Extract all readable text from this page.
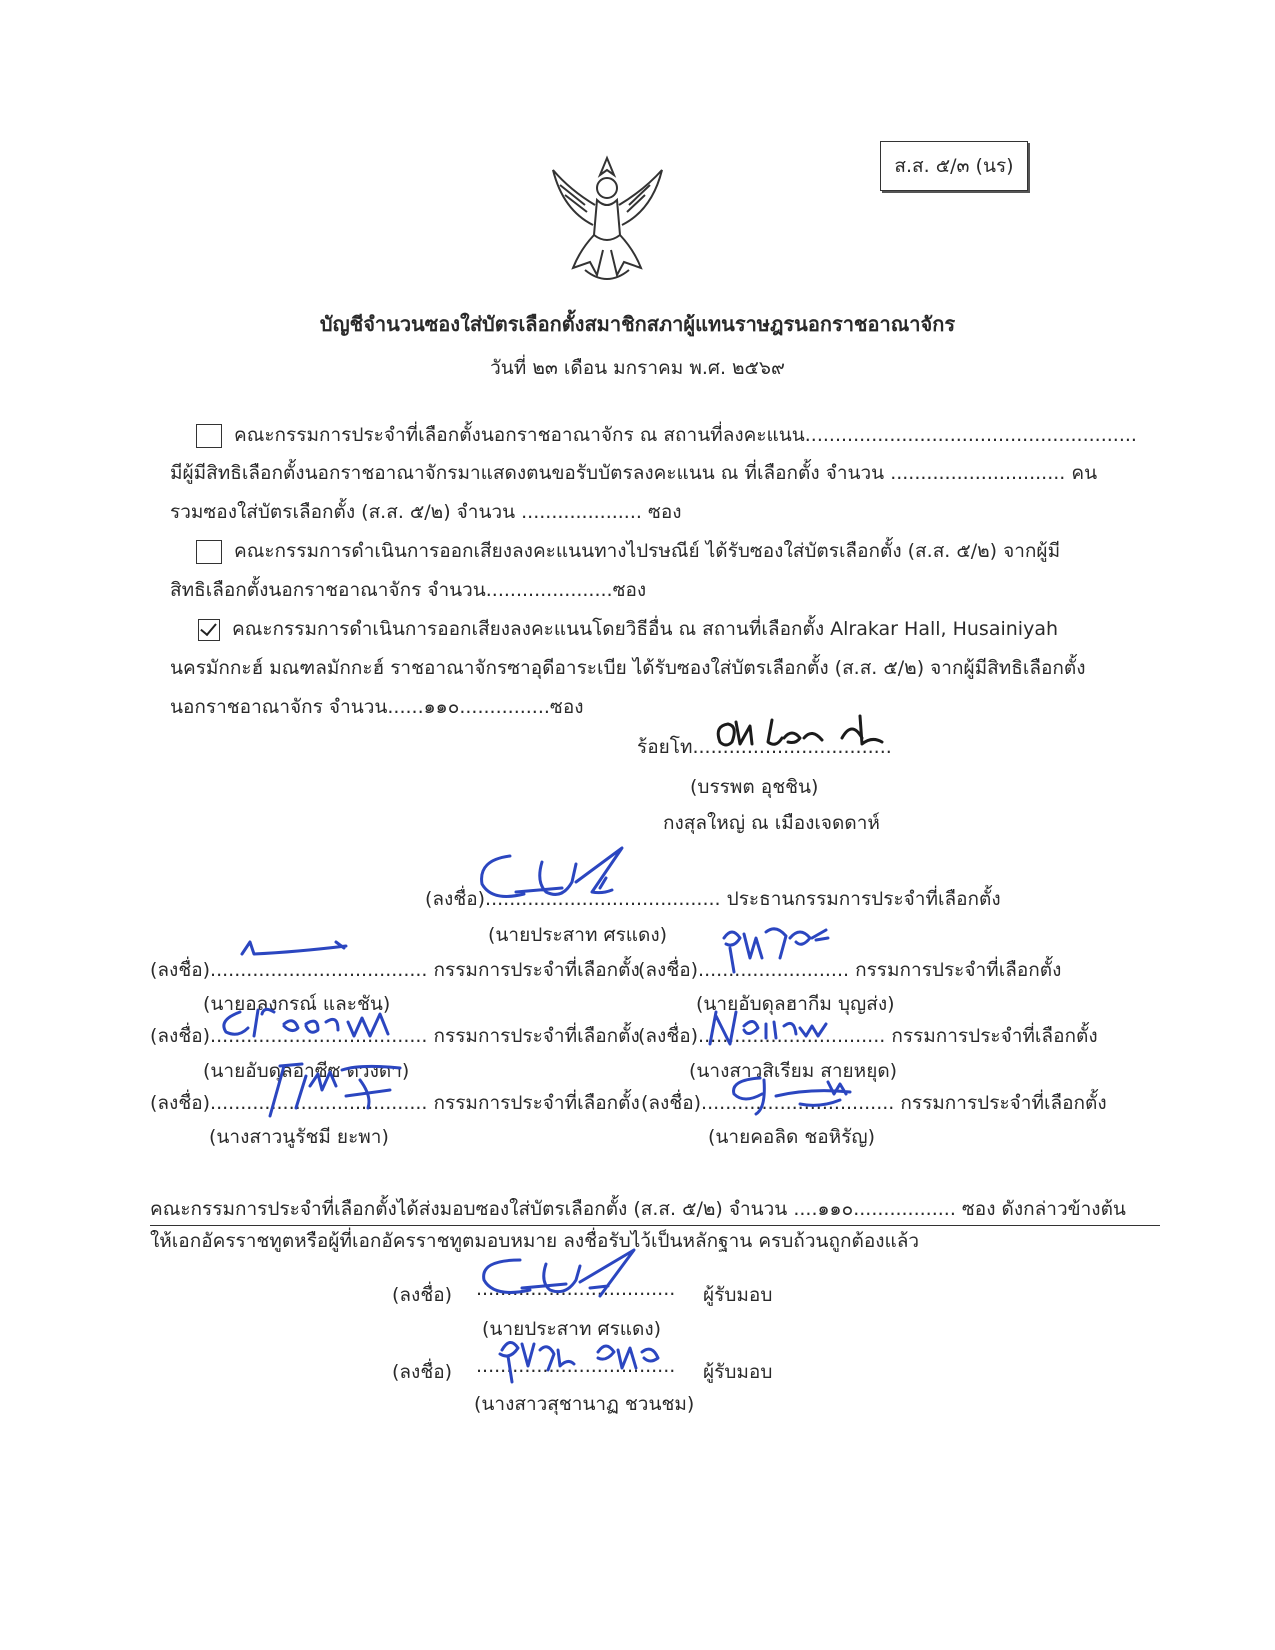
ส.ส. ๕/๓ (นร)
บัญชีจำนวนซองใส่บัตรเลือกตั้งสมาชิกสภาผู้แทนราษฎรนอกราชอาณาจักร
วันที่ ๒๓ เดือน มกราคม พ.ศ. ๒๕๖๙
คณะกรรมการประจำที่เลือกตั้งนอกราชอาณาจักร ณ สถานที่ลงคะแนน.......................................................
มีผู้มีสิทธิเลือกตั้งนอกราชอาณาจักรมาแสดงตนขอรับบัตรลงคะแนน ณ ที่เลือกตั้ง จำนวน ............................. คน
รวมซองใส่บัตรเลือกตั้ง (ส.ส. ๕/๒) จำนวน .................... ซอง
คณะกรรมการดำเนินการออกเสียงลงคะแนนทางไปรษณีย์ ได้รับซองใส่บัตรเลือกตั้ง (ส.ส. ๕/๒) จากผู้มี
สิทธิเลือกตั้งนอกราชอาณาจักร จำนวน.....................ซอง
คณะกรรมการดำเนินการออกเสียงลงคะแนนโดยวิธีอื่น ณ สถานที่เลือกตั้ง Alrakar Hall, Husainiyah
นครมักกะฮ์ มณฑลมักกะฮ์ ราชอาณาจักรซาอุดีอาระเบีย ได้รับซองใส่บัตรเลือกตั้ง (ส.ส. ๕/๒) จากผู้มีสิทธิเลือกตั้ง
นอกราชอาณาจักร จำนวน......๑๑๐...............ซอง
ร้อยโท.................................
(บรรพต อุชชิน)
กงสุลใหญ่ ณ เมืองเจดดาห์
(ลงชื่อ)....................................... ประธานกรรมการประจำที่เลือกตั้ง
(นายประสาท ศรแดง)
(ลงชื่อ).................................... กรรมการประจำที่เลือกตั้ง
(นายอลงกรณ์ และชัน)
(ลงชื่อ).................................... กรรมการประจำที่เลือกตั้ง
(นายอับดุลอาซีซ ดวงดา)
(ลงชื่อ).................................... กรรมการประจำที่เลือกตั้ง
(นางสาวนูรัชมี ยะพา)
(ลงชื่อ)......................... กรรมการประจำที่เลือกตั้ง
(นายอับดุลฮากีม บุญส่ง)
(ลงชื่อ)............................... กรรมการประจำที่เลือกตั้ง
(นางสาวสิเรียม สายหยุด)
(ลงชื่อ)................................ กรรมการประจำที่เลือกตั้ง
(นายคอลิด ชอหิรัญ)
คณะกรรมการประจำที่เลือกตั้งได้ส่งมอบซองใส่บัตรเลือกตั้ง (ส.ส. ๕/๒) จำนวน ....๑๑๐................. ซอง ดังกล่าวข้างต้น
ให้เอกอัครราชทูตหรือผู้ที่เอกอัครราชทูตมอบหมาย ลงชื่อรับไว้เป็นหลักฐาน ครบถ้วนถูกต้องแล้ว
(ลงชื่อ) ................................. ผู้รับมอบ
(นายประสาท ศรแดง)
(ลงชื่อ) ................................. ผู้รับมอบ
(นางสาวสุชานาฏ ชวนชม)
